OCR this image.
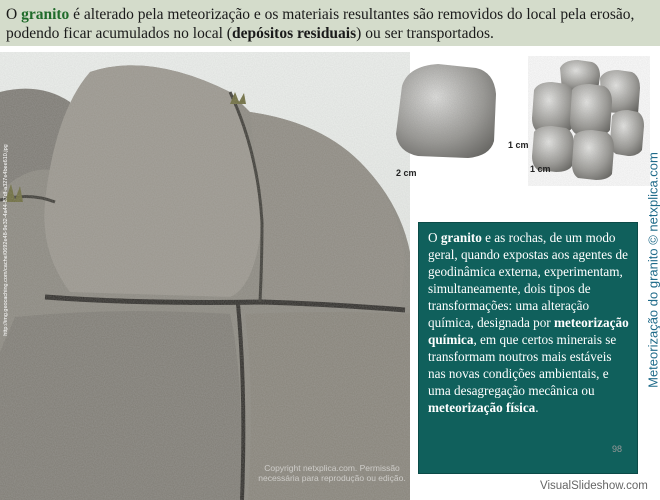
O granito é alterado pela meteorização e os materiais resultantes são removidos do local pela erosão, podendo ficar acumulados no local (depósitos residuais) ou ser transportados.
http://img.geocaching.com/cache/0692e48-9e32-4a44-87df-a327e4bee610.jpg	2 cm
1 cm
1 cm
O granito e as rochas, de um modo geral, quando expostas aos agentes de geodinâmica externa, experimentam, simultaneamente, dois tipos de transformações: uma alteração química, designada por meteorização química, em que certos minerais se transformam noutros mais estáveis nas novas condições ambientais, e uma desagregação mecânica ou meteorização física.
Meteorização do granito © netxplica.com
Copyright netxplica.com. Permissão
necessária para reprodução ou edição.
98
VisualSlideshow.com
